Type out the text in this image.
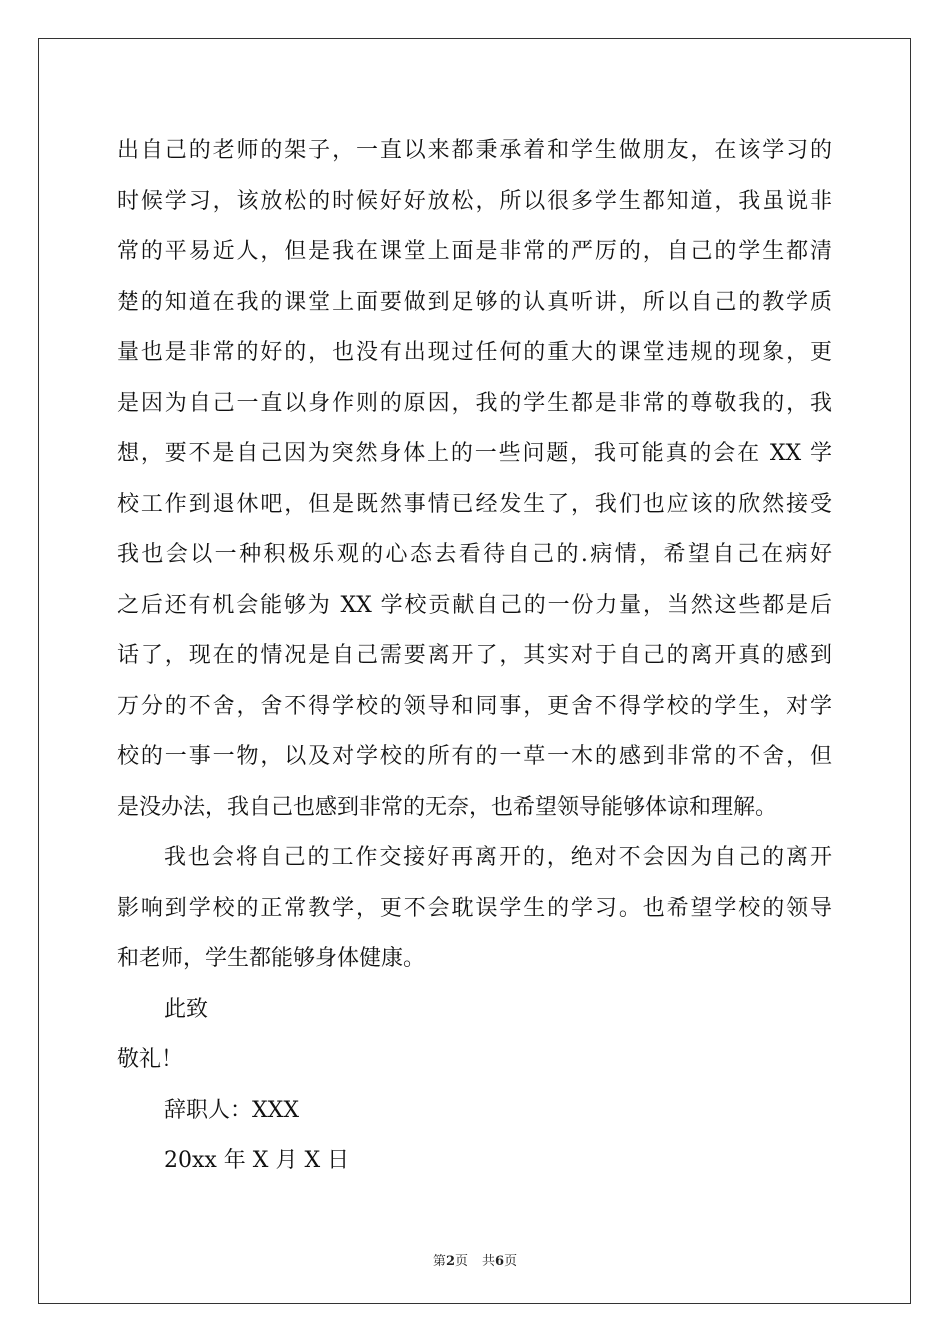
出自己的老师的架子，一直以来都秉承着和学生做朋友，在该学习的
时候学习，该放松的时候好好放松，所以很多学生都知道，我虽说非
常的平易近人，但是我在课堂上面是非常的严厉的，自己的学生都清
楚的知道在我的课堂上面要做到足够的认真听讲，所以自己的教学质
量也是非常的好的，也没有出现过任何的重大的课堂违规的现象，更
是因为自己一直以身作则的原因，我的学生都是非常的尊敬我的，我
想，要不是自己因为突然身体上的一些问题，我可能真的会在 XX 学
校工作到退休吧，但是既然事情已经发生了，我们也应该的欣然接受
我也会以一种积极乐观的心态去看待自己的.病情，希望自己在病好
之后还有机会能够为 XX 学校贡献自己的一份力量，当然这些都是后
话了，现在的情况是自己需要离开了，其实对于自己的离开真的感到
万分的不舍，舍不得学校的领导和同事，更舍不得学校的学生，对学
校的一事一物，以及对学校的所有的一草一木的感到非常的不舍，但
是没办法，我自己也感到非常的无奈，也希望领导能够体谅和理解。
我也会将自己的工作交接好再离开的，绝对不会因为自己的离开
影响到学校的正常教学，更不会耽误学生的学习。也希望学校的领导
和老师，学生都能够身体健康。
此致
敬礼！
辞职人：XXX
20xx 年 X 月 X 日
第2页 共6页
